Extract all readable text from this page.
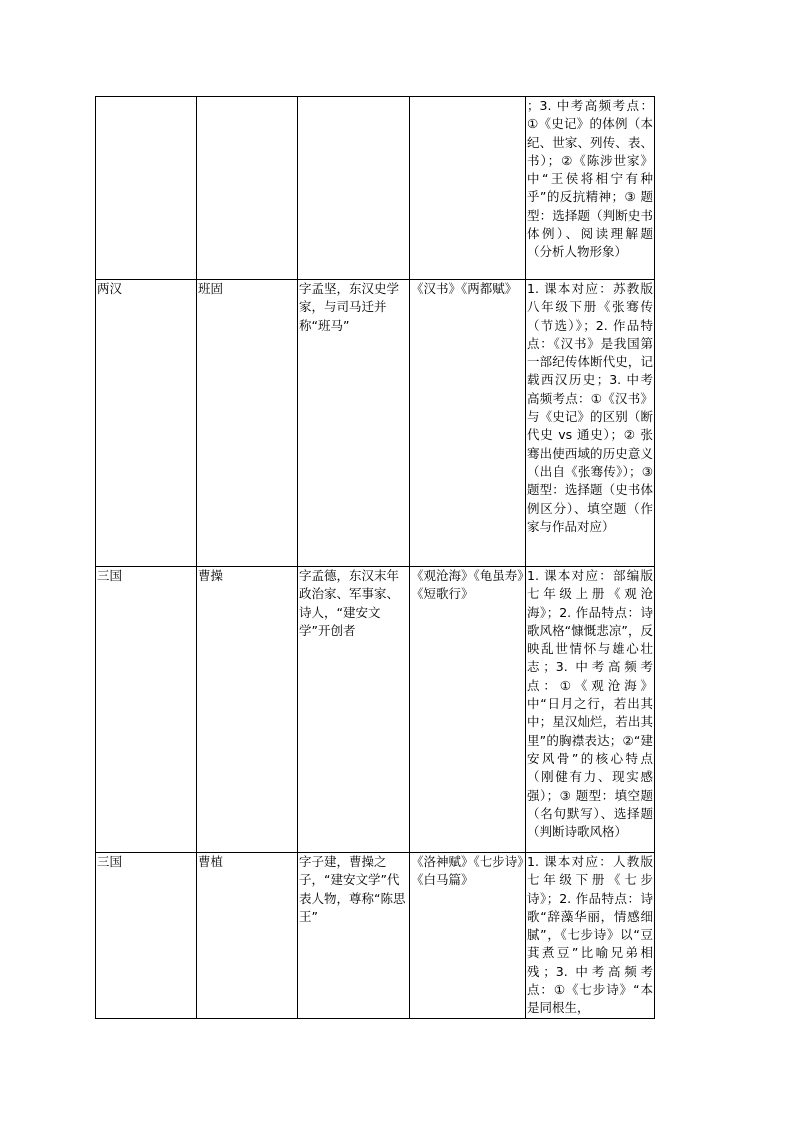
				；3. 中考高频考点：①《史记》的体例（本纪、世家、列传、表、书）；②《陈涉世家》中“王侯将相宁有种乎”的反抗精神；③ 题型：选择题（判断史书体例）、阅读理解题（分析人物形象）
两汉	班固	字孟坚，东汉史学家，与司马迁并称“班马”	《汉书》《两都赋》	1. 课本对应：苏教版八年级下册《张骞传（节选）》；2. 作品特点：《汉书》是我国第一部纪传体断代史，记载西汉历史；3. 中考高频考点：①《汉书》与《史记》的区别（断代史 vs 通史）；② 张骞出使西域的历史意义（出自《张骞传》）；③ 题型：选择题（史书体例区分）、填空题（作家与作品对应）
三国	曹操	字孟德，东汉末年政治家、军事家、诗人，“建安文学”开创者	《观沧海》《龟虽寿》《短歌行》	1. 课本对应：部编版七年级上册《观沧海》；2. 作品特点：诗歌风格“慷慨悲凉”，反映乱世情怀与雄心壮志；3. 中考高频考点：①《观沧海》中“日月之行，若出其中；星汉灿烂，若出其里”的胸襟表达；②“建安风骨”的核心特点（刚健有力、现实感强）；③ 题型：填空题（名句默写）、选择题（判断诗歌风格）
三国	曹植	字子建，曹操之子，“建安文学”代表人物，尊称“陈思王”	《洛神赋》《七步诗》《白马篇》	1. 课本对应：人教版七年级下册《七步诗》；2. 作品特点：诗歌“辞藻华丽，情感细腻”，《七步诗》以“豆萁煮豆”比喻兄弟相残；3. 中考高频考点：①《七步诗》“本是同根生，
